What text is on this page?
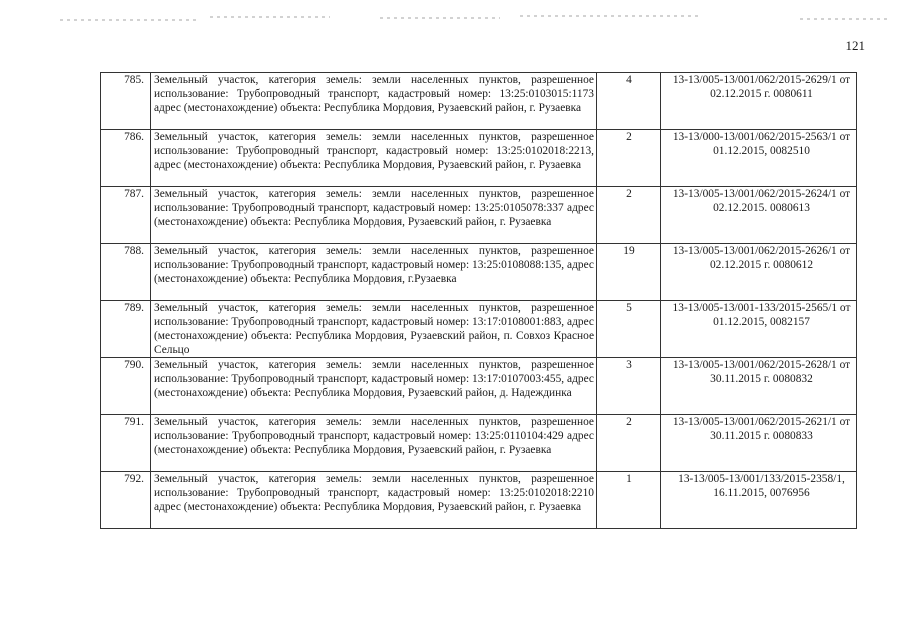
121
785.	Земельный участок, категория земель: земли населенных пунктов, разрешенное использование: Трубопроводный транспорт, кадастровый номер: 13:25:0103015:1173 адрес (местонахождение) объекта: Республика Мордовия, Рузаевский район, г. Рузаевка	4	13-13/005-13/001/062/2015-2629/1 от 02.12.2015 г. 0080611
786.	Земельный участок, категория земель: земли населенных пунктов, разрешенное использование: Трубопроводный транспорт, кадастровый номер: 13:25:0102018:2213, адрес (местонахождение) объекта: Республика Мордовия, Рузаевский район, г. Рузаевка	2	13-13/000-13/001/062/2015-2563/1 от 01.12.2015, 0082510
787.	Земельный участок, категория земель: земли населенных пунктов, разрешенное использование: Трубопроводный транспорт, кадастровый номер: 13:25:0105078:337 адрес (местонахождение) объекта: Республика Мордовия, Рузаевский район, г. Рузаевка	2	13-13/005-13/001/062/2015-2624/1 от 02.12.2015. 0080613
788.	Земельный участок, категория земель: земли населенных пунктов, разрешенное использование: Трубопроводный транспорт, кадастровый номер: 13:25:0108088:135, адрес (местонахождение) объекта: Республика Мордовия, г.Рузаевка	19	13-13/005-13/001/062/2015-2626/1 от 02.12.2015 г. 0080612
789.	Земельный участок, категория земель: земли населенных пунктов, разрешенное использование: Трубопроводный транспорт, кадастровый номер: 13:17:0108001:883, адрес (местонахождение) объекта: Республика Мордовия, Рузаевский район, п. Совхоз Красное Сельцо	5	13-13/005-13/001-133/2015-2565/1 от 01.12.2015, 0082157
790.	Земельный участок, категория земель: земли населенных пунктов, разрешенное использование: Трубопроводный транспорт, кадастровый номер: 13:17:0107003:455, адрес (местонахождение) объекта: Республика Мордовия, Рузаевский район, д. Надеждинка	3	13-13/005-13/001/062/2015-2628/1 от 30.11.2015 г. 0080832
791.	Земельный участок, категория земель: земли населенных пунктов, разрешенное использование: Трубопроводный транспорт, кадастровый номер: 13:25:0110104:429 адрес (местонахождение) объекта: Республика Мордовия, Рузаевский район, г. Рузаевка	2	13-13/005-13/001/062/2015-2621/1 от 30.11.2015 г. 0080833
792.	Земельный участок, категория земель: земли населенных пунктов, разрешенное использование: Трубопроводный транспорт, кадастровый номер: 13:25:0102018:2210 адрес (местонахождение) объекта: Республика Мордовия, Рузаевский район, г. Рузаевка	1	13-13/005-13/001/133/2015-2358/1, 16.11.2015, 0076956
